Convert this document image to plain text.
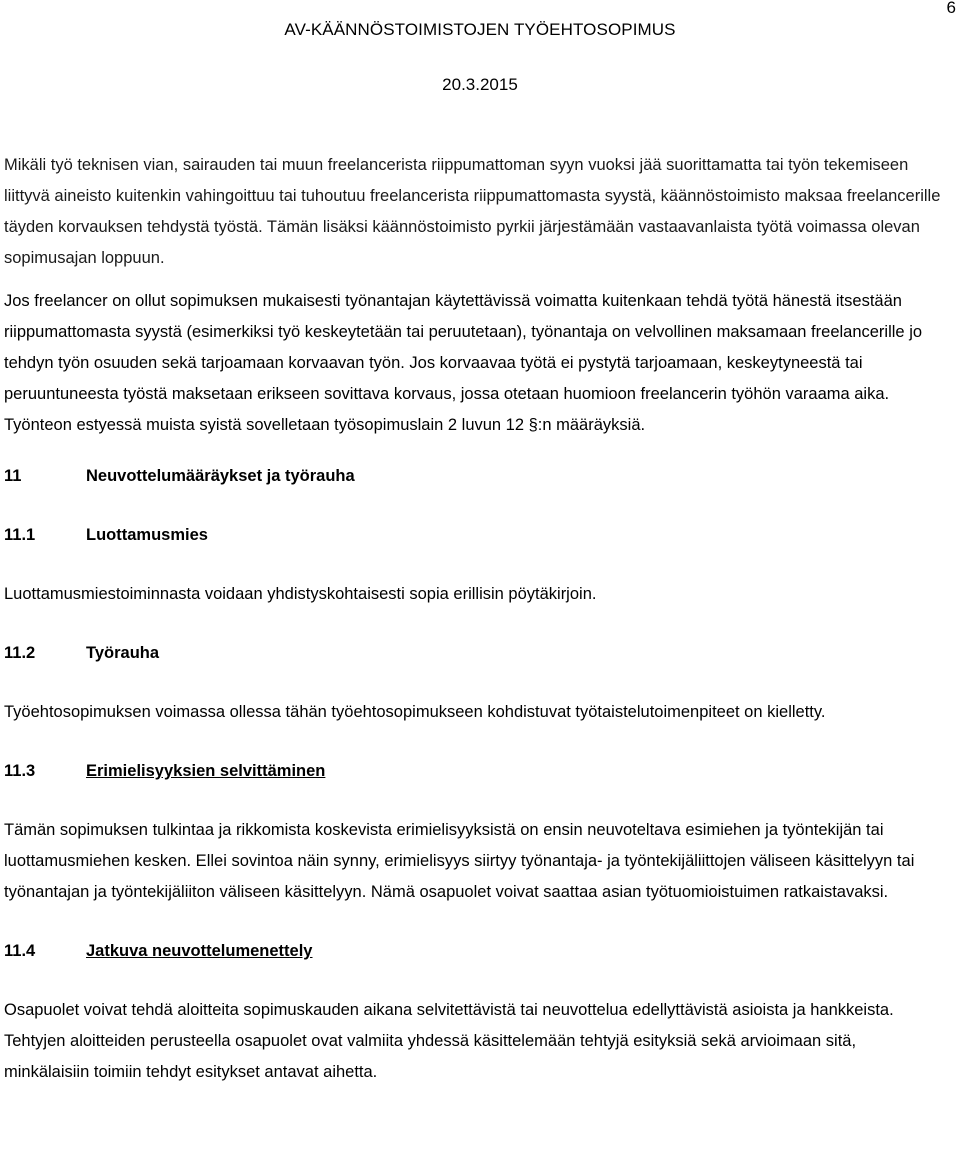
6
AV-KÄÄNNÖSTOIMISTOJEN TYÖEHTOSOPIMUS
20.3.2015

Mikäli työ teknisen vian, sairauden tai muun freelancerista riippumattoman syyn vuoksi jää suorittamatta tai työn tekemiseen liittyvä aineisto kuitenkin vahingoittuu tai tuhoutuu freelancerista riippumattomasta syystä, käännöstoimisto maksaa freelancerille täyden korvauksen tehdystä työstä. Tämän lisäksi käännöstoimisto pyrkii järjestämään vastaavanlaista työtä voimassa olevan sopimusajan loppuun.

Jos freelancer on ollut sopimuksen mukaisesti työnantajan käytettävissä voimatta kuitenkaan tehdä työtä hänestä itsestään riippumattomasta syystä (esimerkiksi työ keskeytetään tai peruutetaan), työnantaja on velvollinen maksamaan freelancerille jo tehdyn työn osuuden sekä tarjoamaan korvaavan työn. Jos korvaavaa työtä ei pystytä tarjoamaan, keskeytyneestä tai peruuntuneesta työstä maksetaan erikseen sovittava korvaus, jossa otetaan huomioon freelancerin työhön varaama aika. Työnteon estyessä muista syistä sovelletaan työsopimuslain 2 luvun 12 §:n määräyksiä.

11	Neuvottelumääräykset ja työrauha
11.1	Luottamusmies

Luottamusmiestoiminnasta voidaan yhdistyskohtaisesti sopia erillisin pöytäkirjoin.

11.2	Työrauha

Työehtosopimuksen voimassa ollessa tähän työehtosopimukseen kohdistuvat työtaistelutoimenpiteet on kielletty.

11.3	Erimielisyyksien selvittäminen

Tämän sopimuksen tulkintaa ja rikkomista koskevista erimielisyyksistä on ensin neuvoteltava esimiehen ja työntekijän tai luottamusmiehen kesken. Ellei sovintoa näin synny, erimielisyys siirtyy työnantaja- ja työntekijäliittojen väliseen käsittelyyn tai työnantajan ja työntekijäliiton väliseen käsittelyyn. Nämä osapuolet voivat saattaa asian työtuomioistuimen ratkaistavaksi.

11.4	Jatkuva neuvottelumenettely

Osapuolet voivat tehdä aloitteita sopimuskauden aikana selvitettävistä tai neuvottelua edellyttävistä asioista ja hankkeista. Tehtyjen aloitteiden perusteella osapuolet ovat valmiita yhdessä käsittelemään tehtyjä esityksiä sekä arvioimaan sitä, minkälaisiin toimiin tehdyt esitykset antavat aihetta.
